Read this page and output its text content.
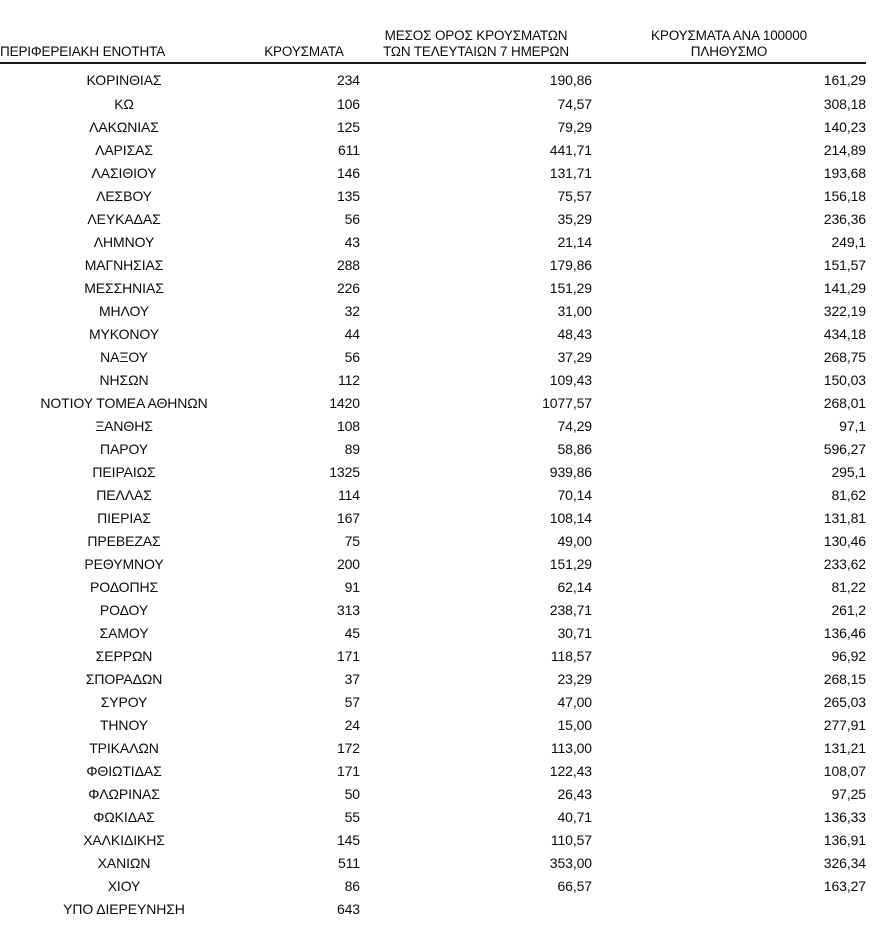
ΠΕΡΙΦΕΡΕΙΑΚΗ ΕΝΟΤΗΤΑ	ΚΡΟΥΣΜΑΤΑ	ΜΕΣΟΣ ΟΡΟΣ ΚΡΟΥΣΜΑΤΩΝ
ΤΩΝ ΤΕΛΕΥΤΑΙΩΝ 7 ΗΜΕΡΩΝ	ΚΡΟΥΣΜΑΤΑ ΑΝΑ 100000
ΠΛΗΘΥΣΜΟ

ΚΟΡΙΝΘΙΑΣ	234	190,86	161,29
ΚΩ	106	74,57	308,18
ΛΑΚΩΝΙΑΣ	125	79,29	140,23
ΛΑΡΙΣΑΣ	611	441,71	214,89
ΛΑΣΙΘΙΟΥ	146	131,71	193,68
ΛΕΣΒΟΥ	135	75,57	156,18
ΛΕΥΚΑΔΑΣ	56	35,29	236,36
ΛΗΜΝΟΥ	43	21,14	249,1
ΜΑΓΝΗΣΙΑΣ	288	179,86	151,57
ΜΕΣΣΗΝΙΑΣ	226	151,29	141,29
ΜΗΛΟΥ	32	31,00	322,19
ΜΥΚΟΝΟΥ	44	48,43	434,18
ΝΑΞΟΥ	56	37,29	268,75
ΝΗΣΩΝ	112	109,43	150,03
ΝΟΤΙΟΥ ΤΟΜΕΑ ΑΘΗΝΩΝ	1420	1077,57	268,01
ΞΑΝΘΗΣ	108	74,29	97,1
ΠΑΡΟΥ	89	58,86	596,27
ΠΕΙΡΑΙΩΣ	1325	939,86	295,1
ΠΕΛΛΑΣ	114	70,14	81,62
ΠΙΕΡΙΑΣ	167	108,14	131,81
ΠΡΕΒΕΖΑΣ	75	49,00	130,46
ΡΕΘΥΜΝΟΥ	200	151,29	233,62
ΡΟΔΟΠΗΣ	91	62,14	81,22
ΡΟΔΟΥ	313	238,71	261,2
ΣΑΜΟΥ	45	30,71	136,46
ΣΕΡΡΩΝ	171	118,57	96,92
ΣΠΟΡΑΔΩΝ	37	23,29	268,15
ΣΥΡΟΥ	57	47,00	265,03
ΤΗΝΟΥ	24	15,00	277,91
ΤΡΙΚΑΛΩΝ	172	113,00	131,21
ΦΘΙΩΤΙΔΑΣ	171	122,43	108,07
ΦΛΩΡΙΝΑΣ	50	26,43	97,25
ΦΩΚΙΔΑΣ	55	40,71	136,33
ΧΑΛΚΙΔΙΚΗΣ	145	110,57	136,91
ΧΑΝΙΩΝ	511	353,00	326,34
ΧΙΟΥ	86	66,57	163,27
ΥΠΟ ΔΙΕΡΕΥΝΗΣΗ	643		
